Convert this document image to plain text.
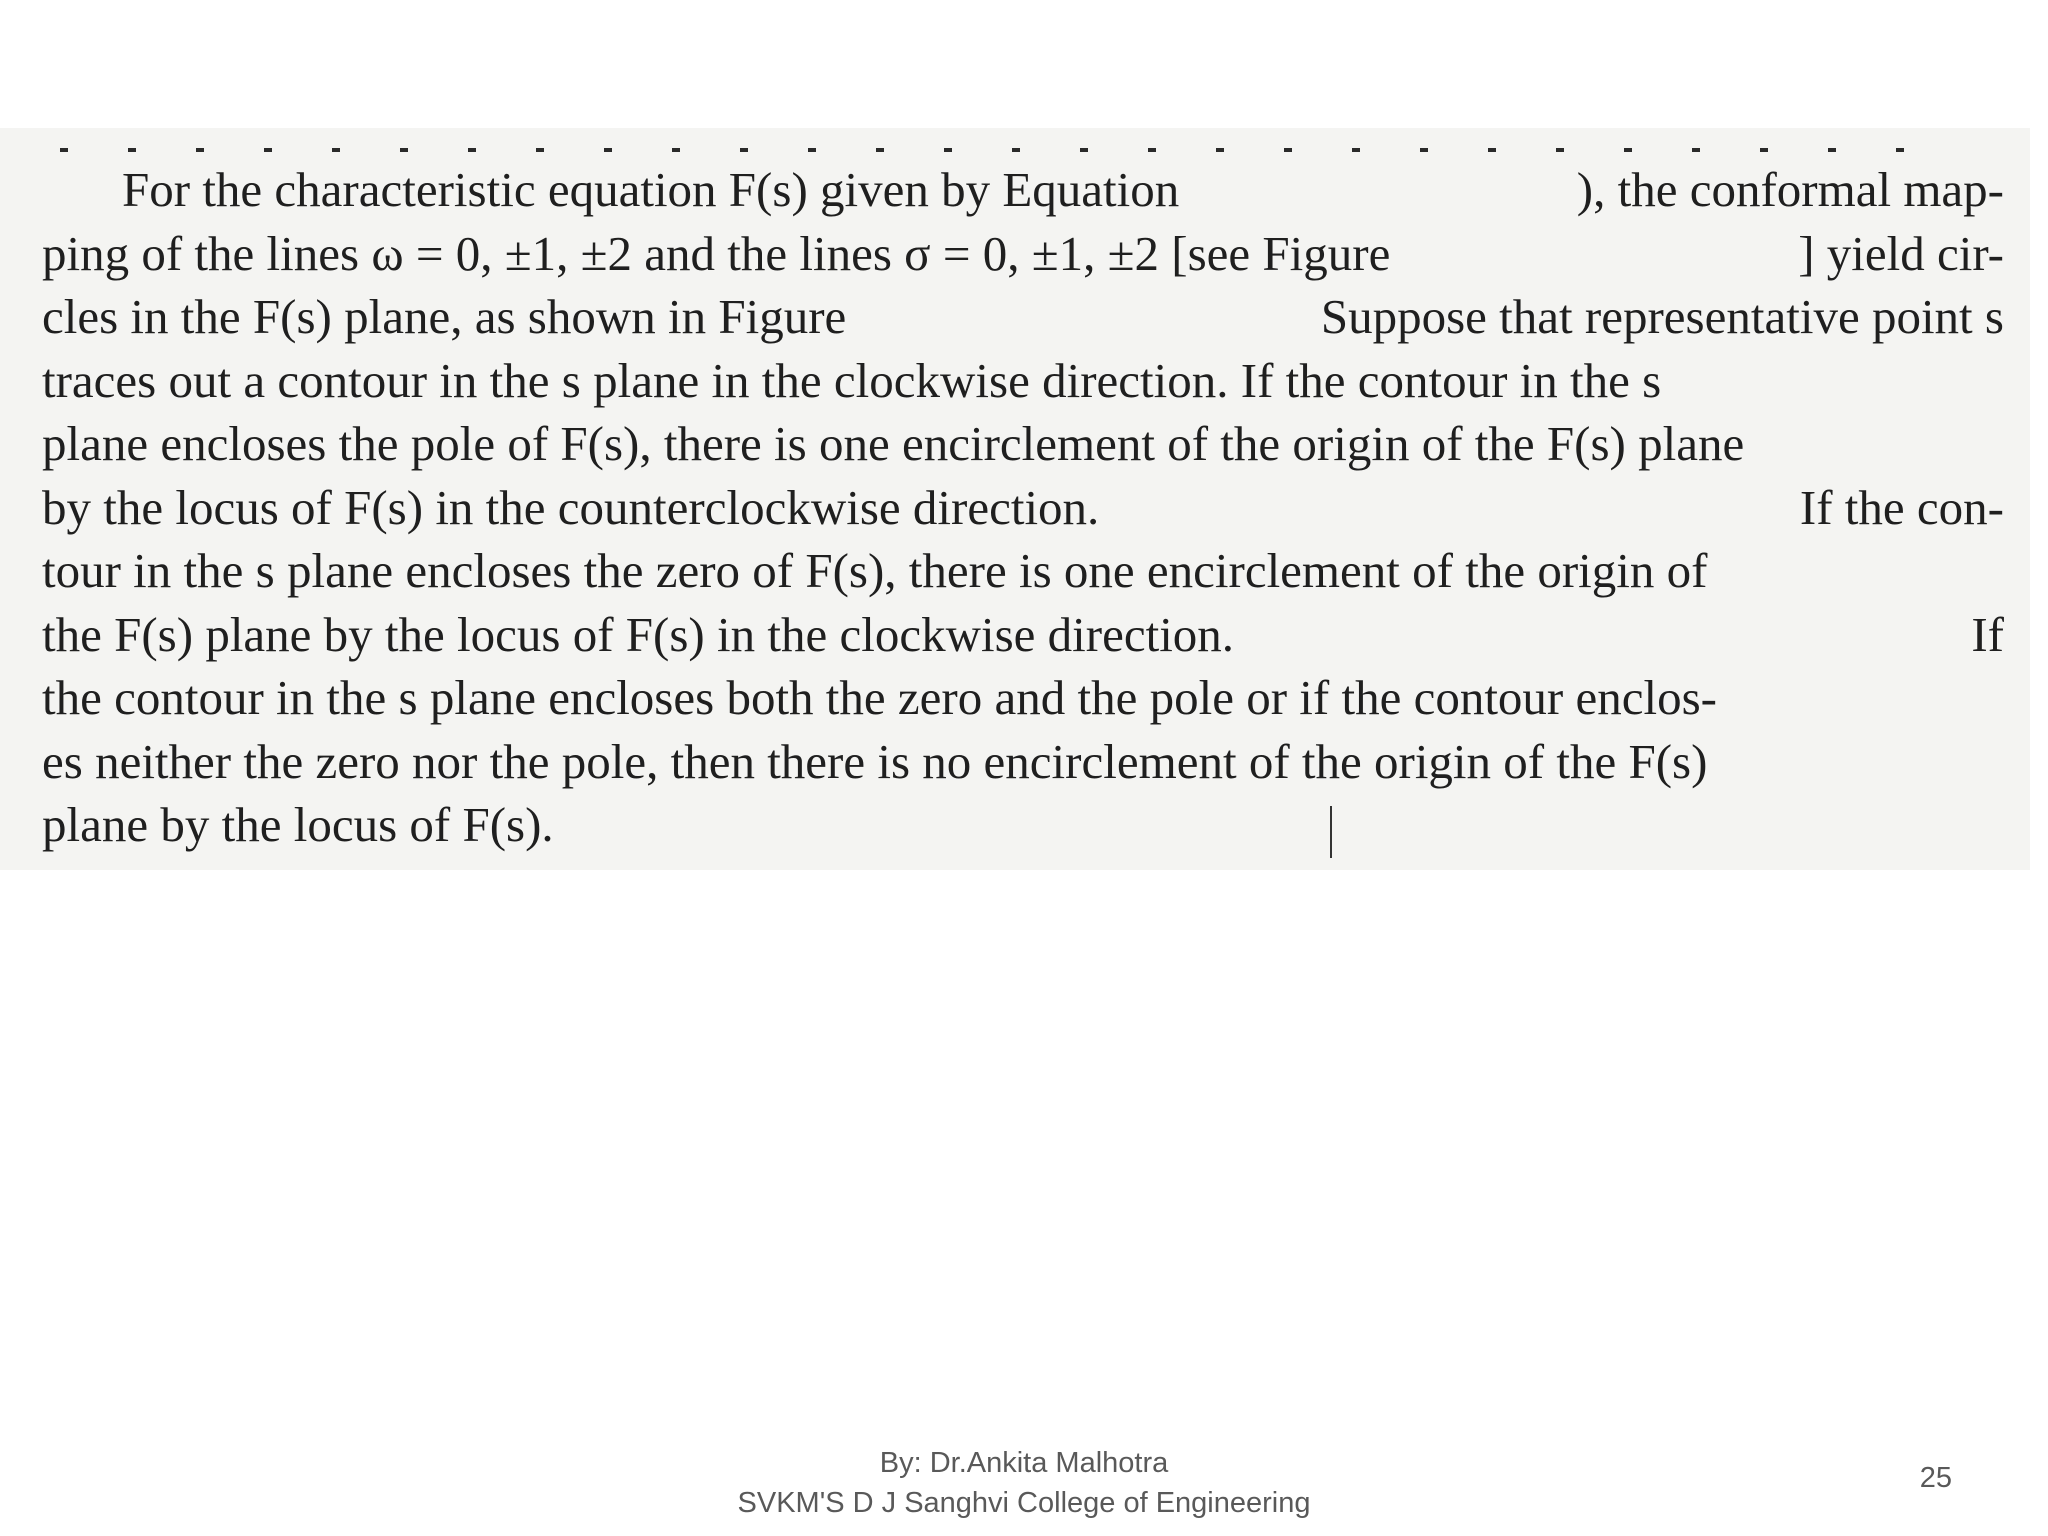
For the characteristic equation F(s) given by Equation	), the conformal map-
ping of the lines ω = 0, ±1, ±2 and the lines σ = 0, ±1, ±2 [see Figure	] yield cir-
cles in the F(s) plane, as shown in Figure	Suppose that representative point s
traces out a contour in the s plane in the clockwise direction. If the contour in the s
plane encloses the pole of F(s), there is one encirclement of the origin of the F(s) plane
by the locus of F(s) in the counterclockwise direction.	If the con-
tour in the s plane encloses the zero of F(s), there is one encirclement of the origin of
the F(s) plane by the locus of F(s) in the clockwise direction.	If
the contour in the s plane encloses both the zero and the pole or if the contour enclos-
es neither the zero nor the pole, then there is no encirclement of the origin of the F(s)
plane by the locus of F(s).
By: Dr.Ankita Malhotra
SVKM'S D J Sanghvi College of Engineering
25
